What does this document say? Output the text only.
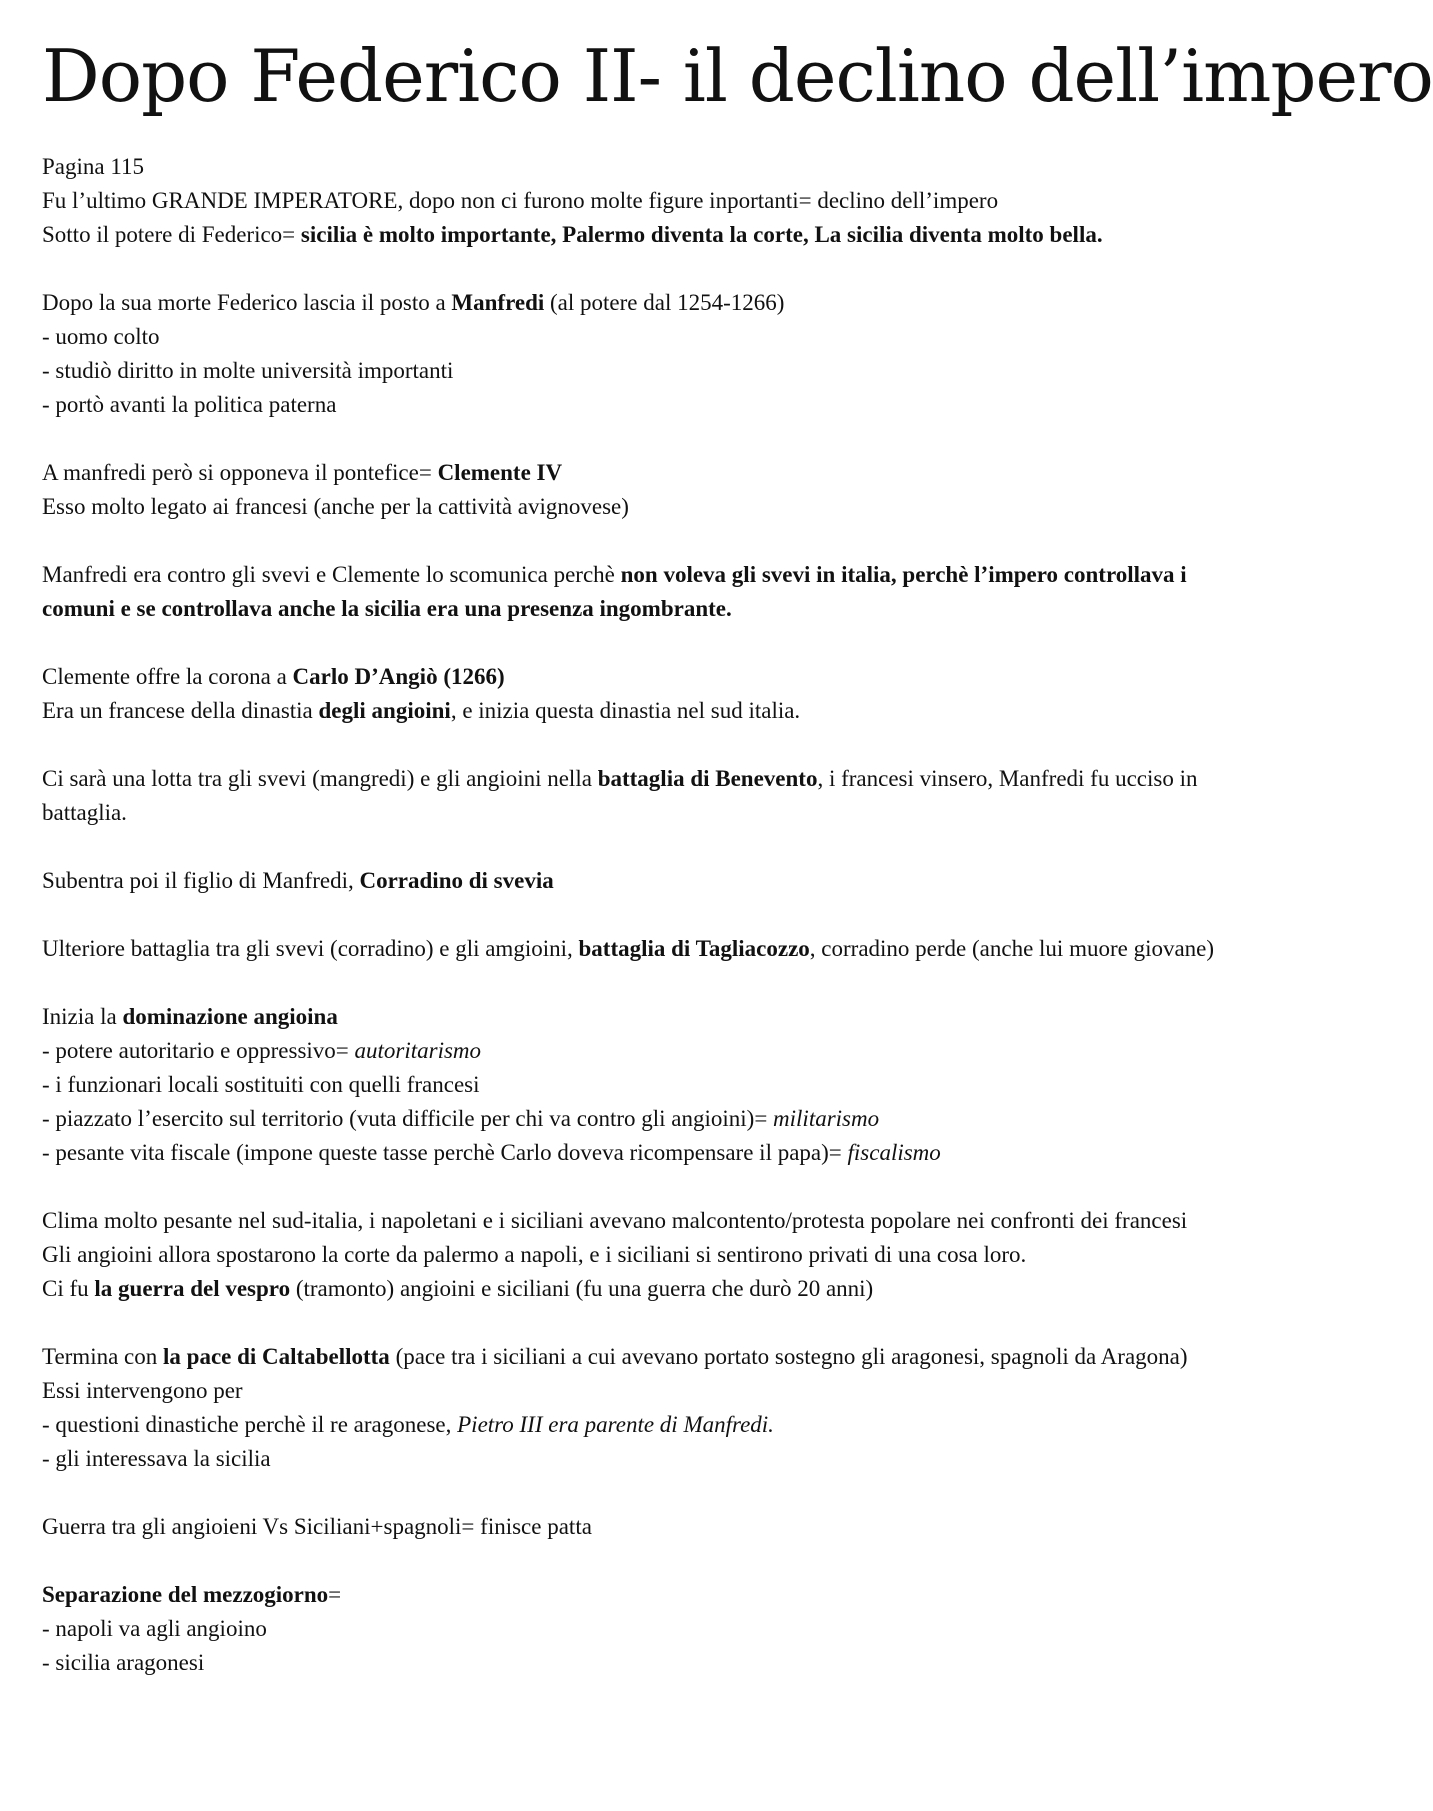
Dopo Federico II- il declino dell’impero

Pagina 115

Fu l’ultimo GRANDE IMPERATORE, dopo non ci furono molte figure inportanti= declino dell’impero

Sotto il potere di Federico= sicilia è molto importante, Palermo diventa la corte, La sicilia diventa molto bella.

Dopo la sua morte Federico lascia il posto a Manfredi (al potere dal 1254-1266)

- uomo colto

- studiò diritto in molte università importanti

- portò avanti la politica paterna

A manfredi però si opponeva il pontefice= Clemente IV

Esso molto legato ai francesi (anche per la cattività avignovese)

Manfredi era contro gli svevi e Clemente lo scomunica perchè non voleva gli svevi in italia, perchè l’impero controllava i comuni e se controllava anche la sicilia era una presenza ingombrante.

Clemente offre la corona a Carlo D’Angiò (1266)

Era un francese della dinastia degli angioini, e inizia questa dinastia nel sud italia.

Ci sarà una lotta tra gli svevi (mangredi) e gli angioini nella battaglia di Benevento, i francesi vinsero, Manfredi fu ucciso in battaglia.

Subentra poi il figlio di Manfredi, Corradino di svevia

Ulteriore battaglia tra gli svevi (corradino) e gli amgioini, battaglia di Tagliacozzo, corradino perde (anche lui muore giovane)

Inizia la dominazione angioina

- potere autoritario e oppressivo= autoritarismo

- i funzionari locali sostituiti con quelli francesi

- piazzato l’esercito sul territorio (vuta difficile per chi va contro gli angioini)= militarismo

- pesante vita fiscale (impone queste tasse perchè Carlo doveva ricompensare il papa)= fiscalismo

Clima molto pesante nel sud-italia, i napoletani e i siciliani avevano malcontento/protesta popolare nei confronti dei francesi

Gli angioini allora spostarono la corte da palermo a napoli, e i siciliani si sentirono privati di una cosa loro.

Ci fu la guerra del vespro (tramonto) angioini e siciliani (fu una guerra che durò 20 anni)

Termina con la pace di Caltabellotta (pace tra i siciliani a cui avevano portato sostegno gli aragonesi, spagnoli da Aragona)

Essi intervengono per

- questioni dinastiche perchè il re aragonese, Pietro III era parente di Manfredi.

- gli interessava la sicilia

Guerra tra gli angioieni Vs Siciliani+spagnoli= finisce patta

Separazione del mezzogiorno=

- napoli va agli angioino

- sicilia aragonesi
